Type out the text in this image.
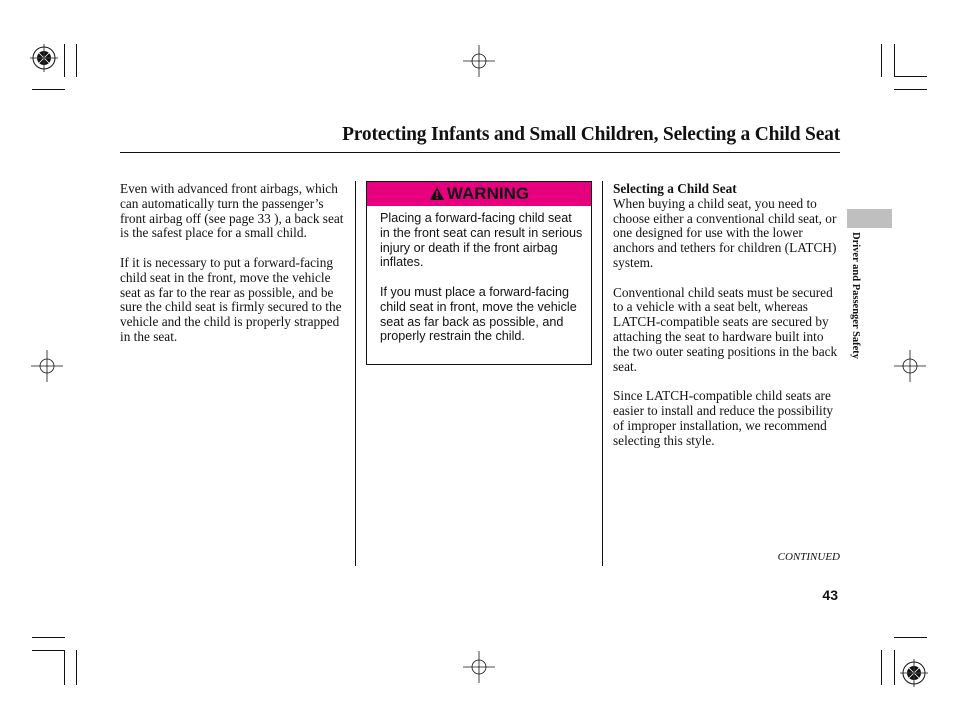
Protecting Infants and Small Children, Selecting a Child Seat

Even with advanced front airbags, which can automatically turn the passenger’s front airbag off (see page 33 ), a back seat is the safest place for a small child.

If it is necessary to put a forward-facing child seat in the front, move the vehicle seat as far to the rear as possible, and be sure the child seat is firmly secured to the vehicle and the child is properly strapped in the seat.

WARNING

Placing a forward-facing child seat in the front seat can result in serious injury or death if the front airbag inflates.

If you must place a forward-facing child seat in front, move the vehicle seat as far back as possible, and properly restrain the child.

Selecting a Child Seat

When buying a child seat, you need to choose either a conventional child seat, or one designed for use with the lower anchors and tethers for children (LATCH) system.

Conventional child seats must be secured to a vehicle with a seat belt, whereas LATCH-compatible seats are secured by attaching the seat to hardware built into the two outer seating positions in the back seat.

Since LATCH-compatible child seats are easier to install and reduce the possibility of improper installation, we recommend selecting this style.

Driver and Passenger Safety
CONTINUED
43
